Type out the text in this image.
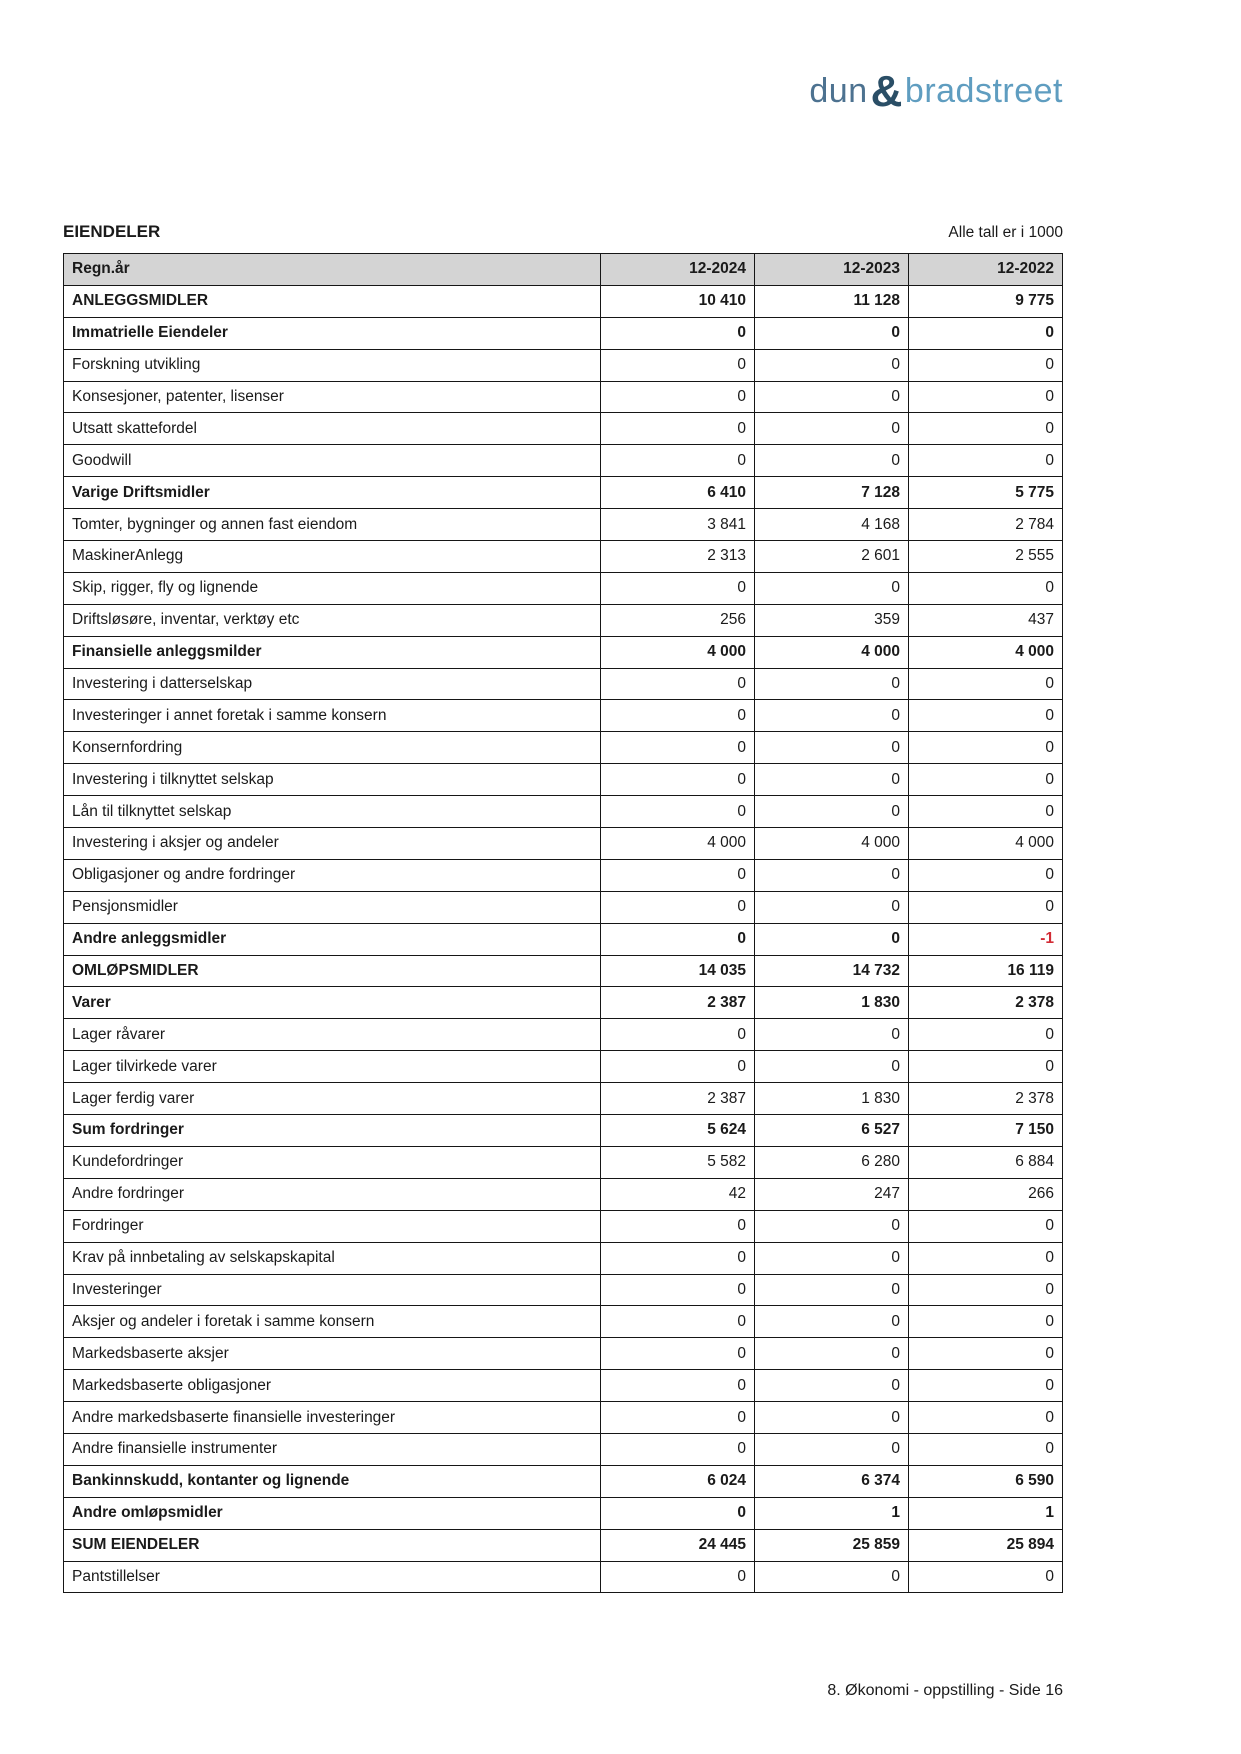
dun&bradstreet
EIENDELER	Alle tall er i 1000
Regn.år	12-2024	12-2023	12-2022
ANLEGGSMIDLER	10 410	11 128	9 775
Immatrielle Eiendeler	0	0	0
Forskning utvikling	0	0	0
Konsesjoner, patenter, lisenser	0	0	0
Utsatt skattefordel	0	0	0
Goodwill	0	0	0
Varige Driftsmidler	6 410	7 128	5 775
Tomter, bygninger og annen fast eiendom	3 841	4 168	2 784
MaskinerAnlegg	2 313	2 601	2 555
Skip, rigger, fly og lignende	0	0	0
Driftsløsøre, inventar, verktøy etc	256	359	437
Finansielle anleggsmilder	4 000	4 000	4 000
Investering i datterselskap	0	0	0
Investeringer i annet foretak i samme konsern	0	0	0
Konsernfordring	0	0	0
Investering i tilknyttet selskap	0	0	0
Lån til tilknyttet selskap	0	0	0
Investering i aksjer og andeler	4 000	4 000	4 000
Obligasjoner og andre fordringer	0	0	0
Pensjonsmidler	0	0	0
Andre anleggsmidler	0	0	-1
OMLØPSMIDLER	14 035	14 732	16 119
Varer	2 387	1 830	2 378
Lager råvarer	0	0	0
Lager tilvirkede varer	0	0	0
Lager ferdig varer	2 387	1 830	2 378
Sum fordringer	5 624	6 527	7 150
Kundefordringer	5 582	6 280	6 884
Andre fordringer	42	247	266
Fordringer	0	0	0
Krav på innbetaling av selskapskapital	0	0	0
Investeringer	0	0	0
Aksjer og andeler i foretak i samme konsern	0	0	0
Markedsbaserte aksjer	0	0	0
Markedsbaserte obligasjoner	0	0	0
Andre markedsbaserte finansielle investeringer	0	0	0
Andre finansielle instrumenter	0	0	0
Bankinnskudd, kontanter og lignende	6 024	6 374	6 590
Andre omløpsmidler	0	1	1
SUM EIENDELER	24 445	25 859	25 894
Pantstillelser	0	0	0
8. Økonomi - oppstilling - Side 16
